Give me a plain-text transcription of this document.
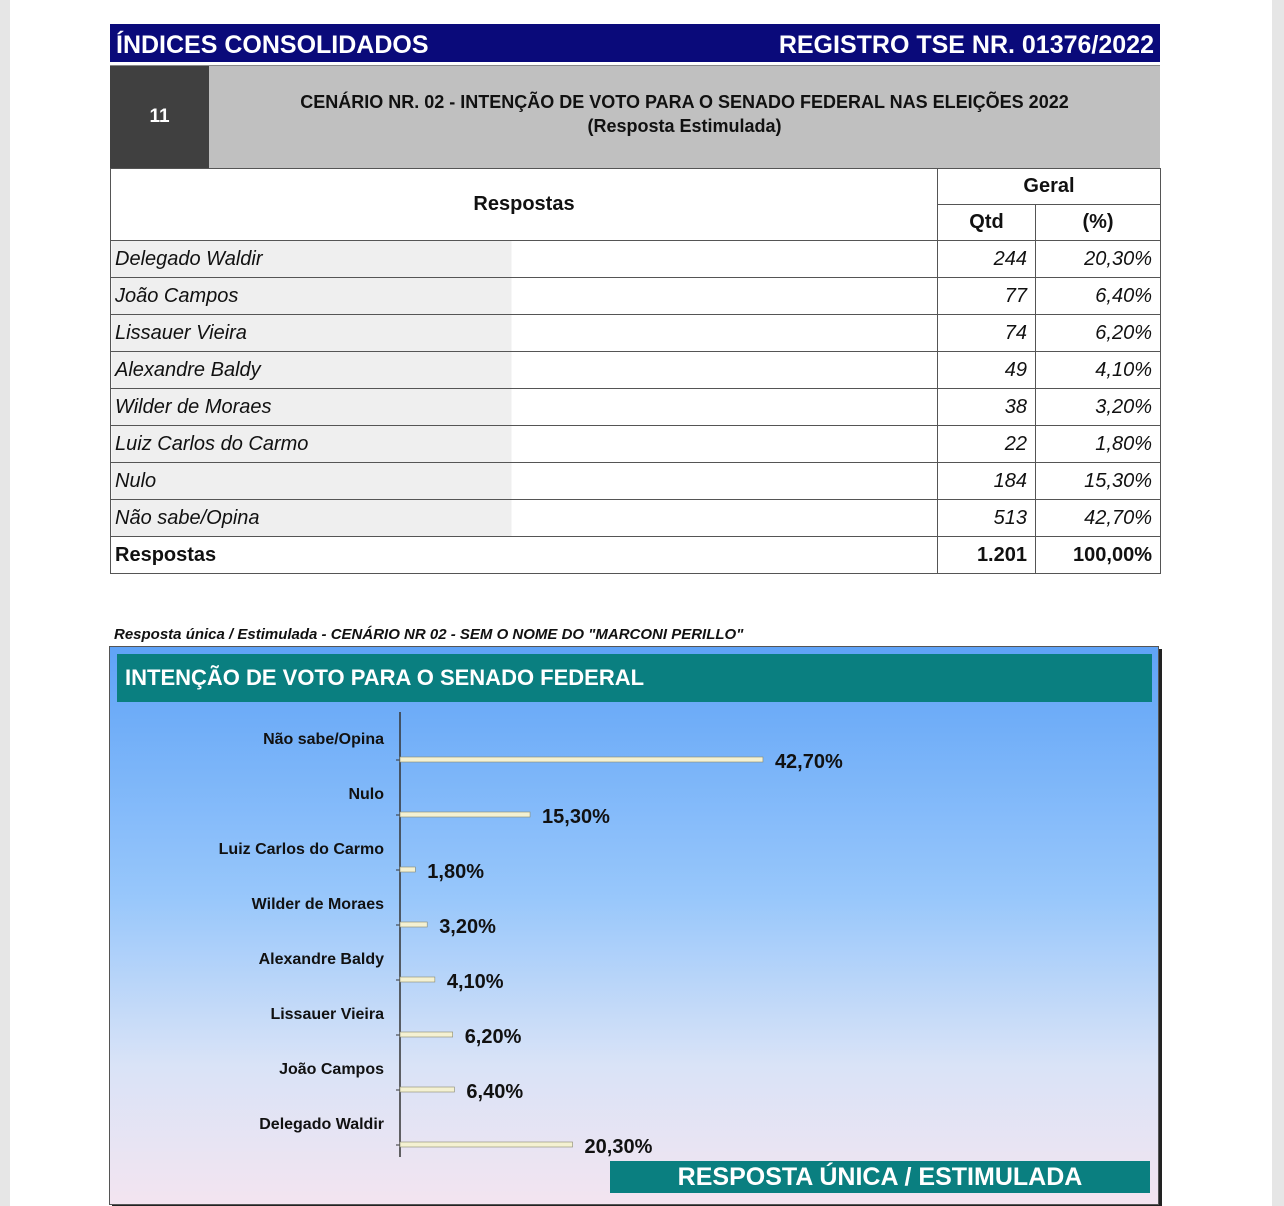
ÍNDICES CONSOLIDADOS	REGISTRO TSE NR. 01376/2022
11
CENÁRIO NR. 02 - INTENÇÃO DE VOTO PARA O SENADO FEDERAL NAS ELEIÇÕES 2022
(Resposta Estimulada)
Respostas	Geral	
	Qtd	(%)
Delegado Waldir	244	20,30%
João Campos	77	6,40%
Lissauer Vieira	74	6,20%
Alexandre Baldy	49	4,10%
Wilder de Moraes	38	3,20%
Luiz Carlos do Carmo	22	1,80%
Nulo	184	15,30%
Não sabe/Opina	513	42,70%
Respostas	1.201	100,00%
Resposta única / Estimulada - CENÁRIO NR 02 - SEM O NOME DO "MARCONI PERILLO"
INTENÇÃO DE VOTO PARA O SENADO FEDERAL
42,70%
Não sabe/Opina
15,30%
Nulo
1,80%
Luiz Carlos do Carmo
3,20%
Wilder de Moraes
4,10%
Alexandre Baldy
6,20%
Lissauer Vieira
6,40%
João Campos
20,30%
Delegado Waldir
RESPOSTA ÚNICA / ESTIMULADA
